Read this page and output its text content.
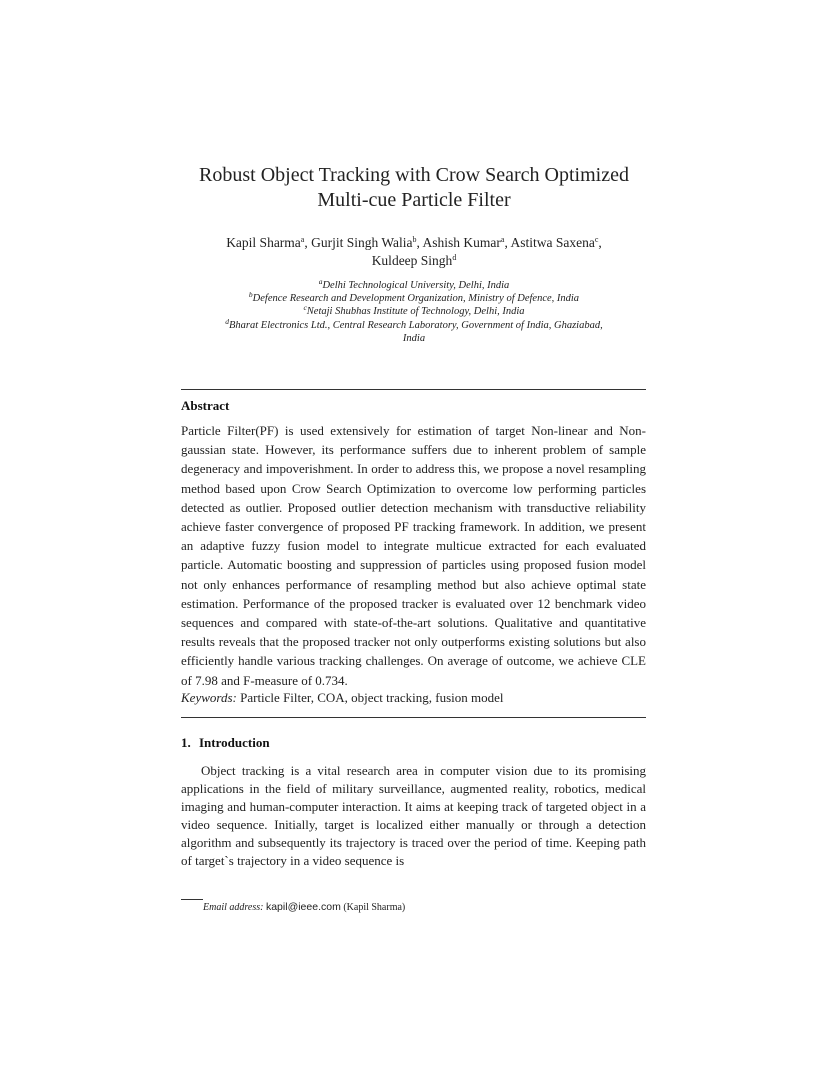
Robust Object Tracking with Crow Search Optimized
Multi-cue Particle Filter
Kapil Sharma$^a$, Gurjit Singh Walia$^b$, Ashish Kumar$^a$, Astitwa Saxena$^c$,
Kuldeep Singh$^d$
$^a$Delhi Technological University, Delhi, India
$^b$Defence Research and Development Organization, Ministry of Defence, India
$^c$Netaji Shubhas Institute of Technology, Delhi, India
$^d$Bharat Electronics Ltd., Central Research Laboratory, Government of India, Ghaziabad,
India
Abstract
Particle Filter(PF) is used extensively for estimation of target Non-linear and Non-gaussian state. However, its performance suffers due to inherent problem of sample degeneracy and impoverishment. In order to address this, we propose a novel resampling method based upon Crow Search Optimization to overcome low performing particles detected as outlier. Proposed outlier detection mechanism with transductive reliability achieve faster convergence of proposed PF tracking framework. In addition, we present an adaptive fuzzy fusion model to integrate multicue extracted for each evaluated particle. Automatic boosting and suppression of particles using proposed fusion model not only enhances performance of resampling method but also achieve optimal state estimation. Performance of the proposed tracker is evaluated over 12 benchmark video sequences and compared with state-of-the-art solutions. Qualitative and quantitative results reveals that the proposed tracker not only outperforms existing solutions but also efficiently handle various tracking challenges. On average of outcome, we achieve CLE of 7.98 and F-measure of 0.734.
Keywords: Particle Filter, COA, object tracking, fusion model
1. Introduction
Object tracking is a vital research area in computer vision due to its promising applications in the field of military surveillance, augmented reality, robotics, medical imaging and human-computer interaction. It aims at keeping track of targeted object in a video sequence. Initially, target is localized either manually or through a detection algorithm and subsequently its trajectory is traced over the period of time. Keeping path of target`s trajectory in a video sequence is
Email address: kapil@ieee.com (Kapil Sharma)
